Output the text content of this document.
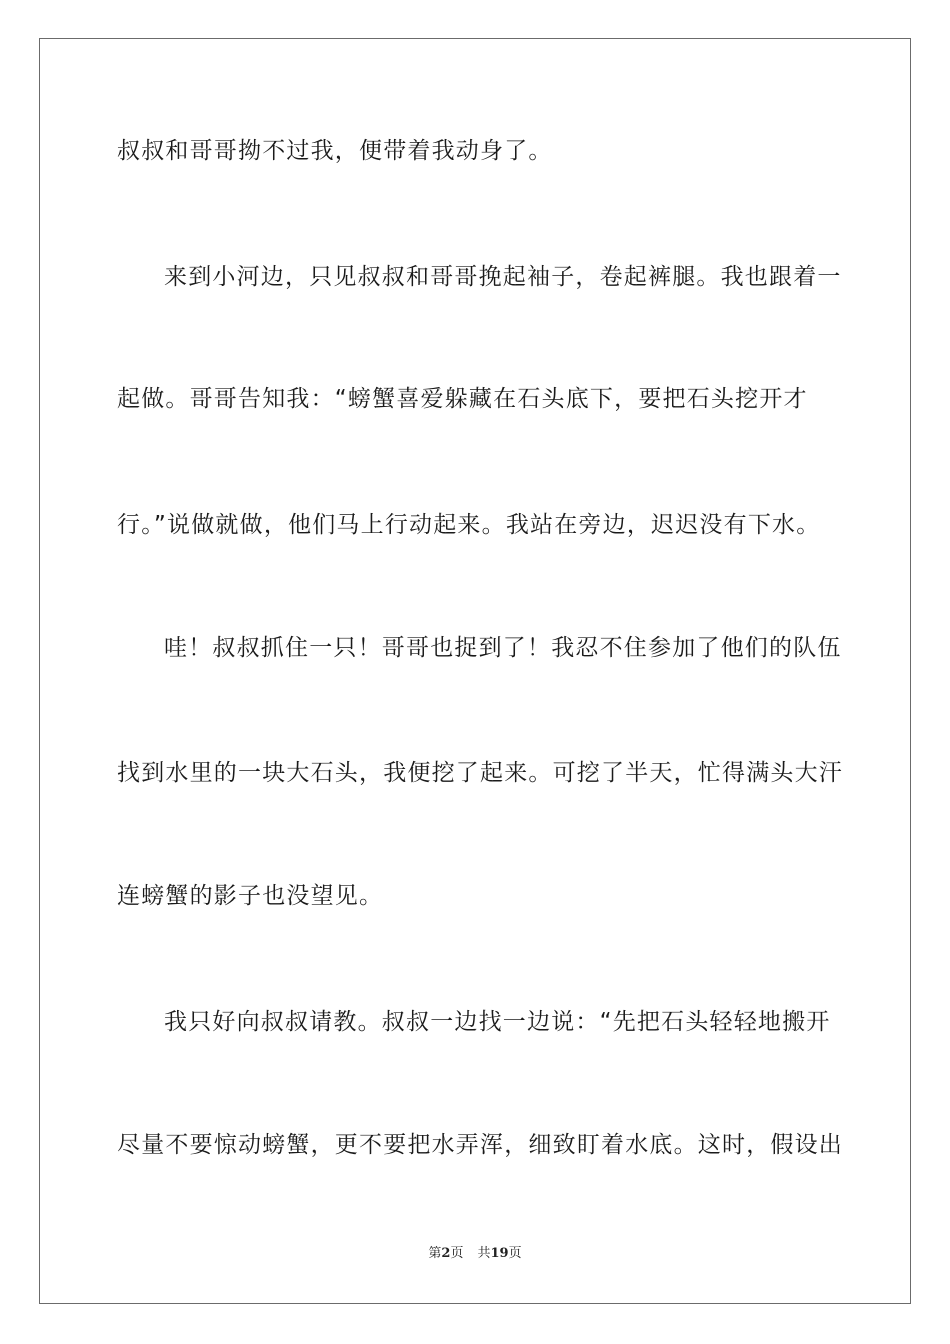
叔叔和哥哥拗不过我，便带着我动身了。
来到小河边，只见叔叔和哥哥挽起袖子，卷起裤腿。我也跟着一
起做。哥哥告知我：“螃蟹喜爱躲藏在石头底下，要把石头挖开才
行。”说做就做，他们马上行动起来。我站在旁边，迟迟没有下水。
哇！叔叔抓住一只！哥哥也捉到了！我忍不住参加了他们的队伍
找到水里的一块大石头，我便挖了起来。可挖了半天，忙得满头大汗
连螃蟹的影子也没望见。
我只好向叔叔请教。叔叔一边找一边说：“先把石头轻轻地搬开
尽量不要惊动螃蟹，更不要把水弄浑，细致盯着水底。这时，假设出
第2页 共19页
